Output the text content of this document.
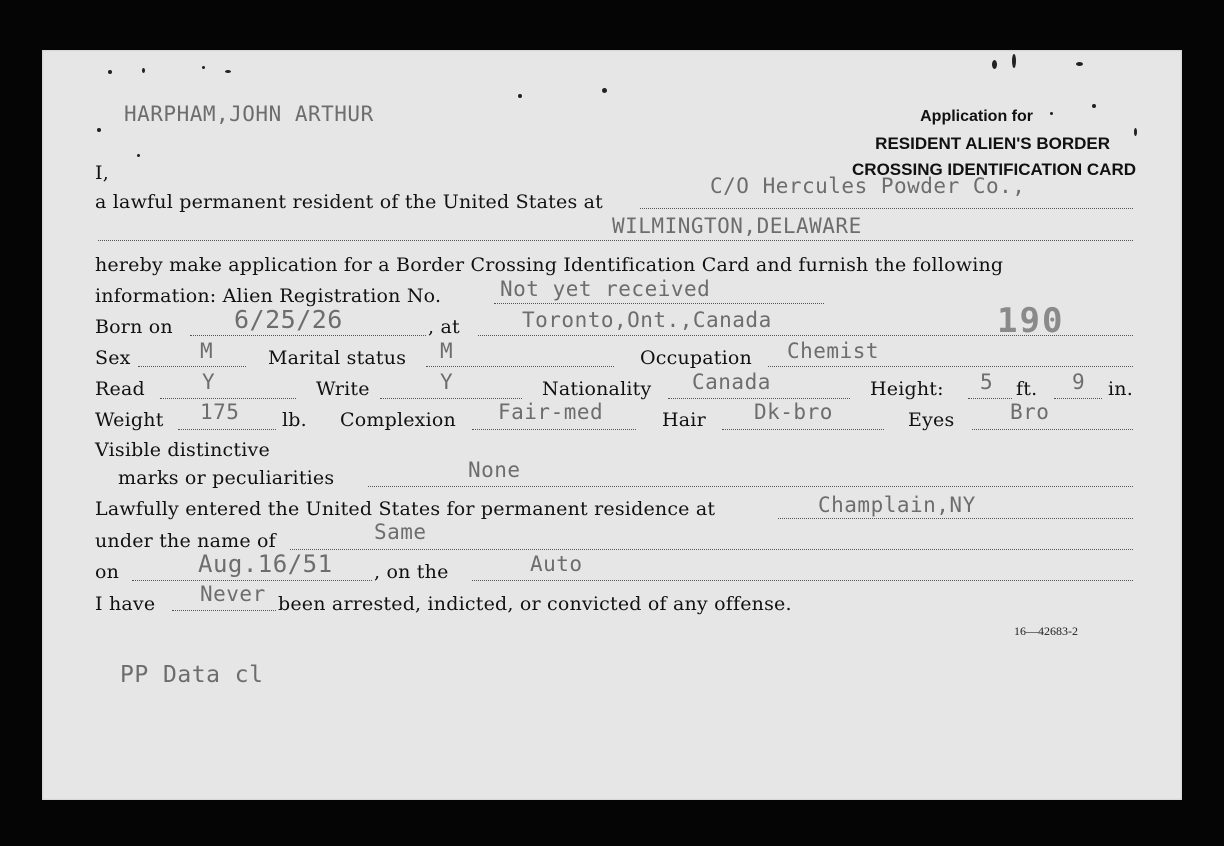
Application for
RESIDENT ALIEN'S BORDER
CROSSING IDENTIFICATION CARD
HARPHAM,JOHN ARTHUR
I,
a lawful permanent resident of the United States at
C/O Hercules Powder Co.,
WILMINGTON,DELAWARE
hereby make application for a Border Crossing Identification Card and furnish the following
information: Alien Registration No.	Not yet received
Born on 6/25/26	, at	Toronto,Ont.,Canada	190
Sex	M	Marital status M	Occupation Chemist
Read	Y	Write	Y	Nationality Canada	Height: 5 ft. 9 in.
Weight 175 lb. Complexion Fair-med	Hair Dk-bro	Eyes	Bro
Visible distinctive
marks or peculiarities	None
Lawfully entered the United States for permanent residence at	Champlain,NY
under the name of	Same
on	Aug.16/51 , on the	Auto
I have Never been arrested, indicted, or convicted of any offense.
16—42683-2
PP Data cl
